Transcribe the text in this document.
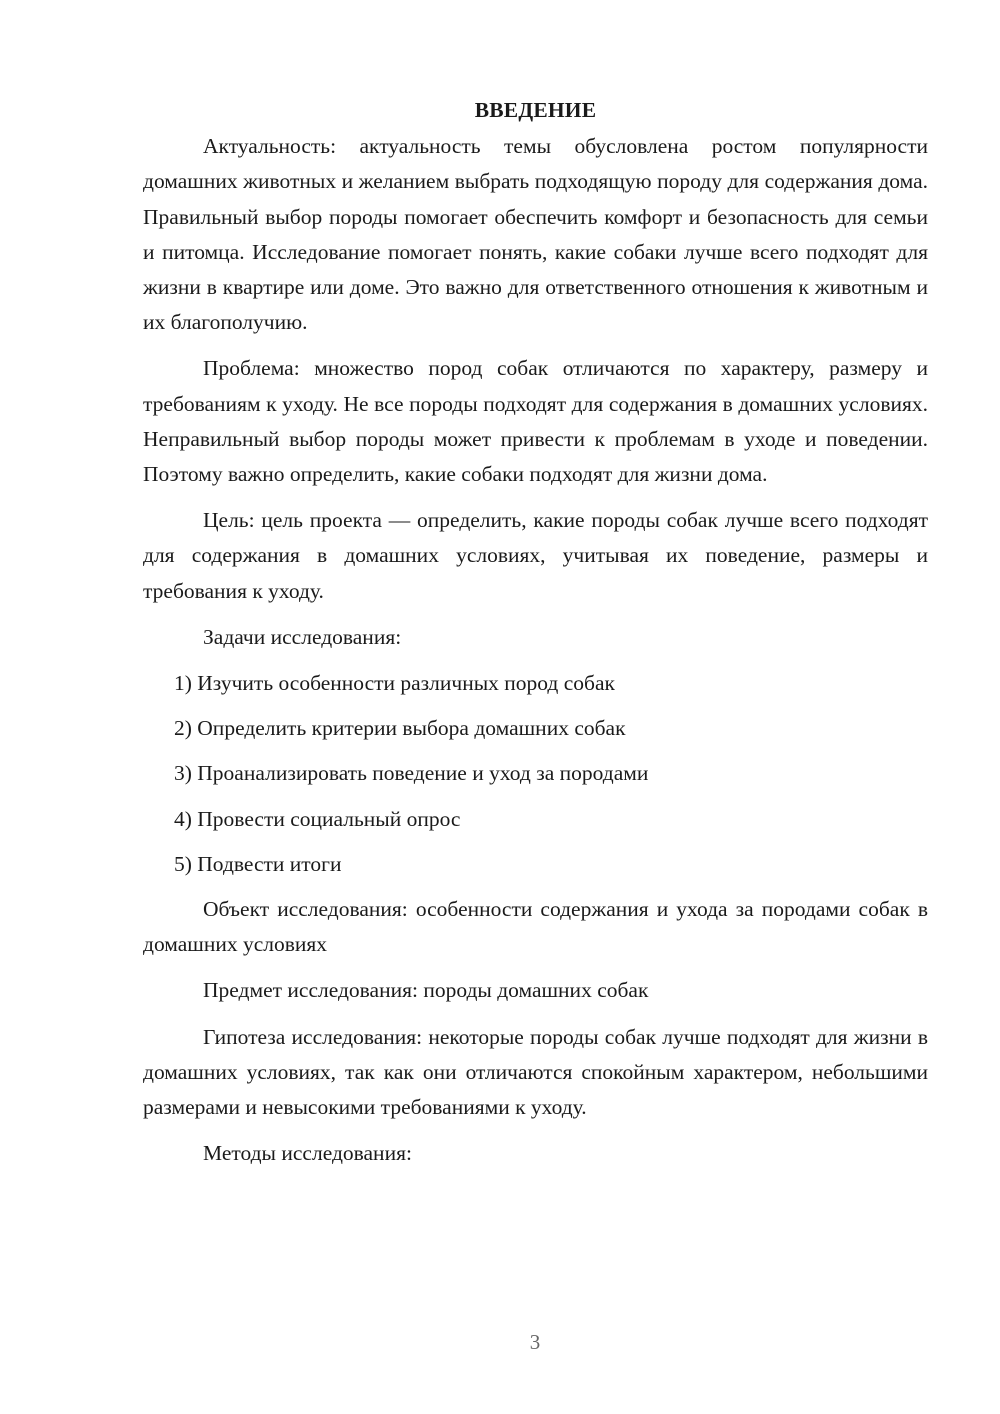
ВВЕДЕНИЕ

Актуальность: актуальность темы обусловлена ростом популярности домашних животных и желанием выбрать подходящую породу для содержания дома. Правильный выбор породы помогает обеспечить комфорт и безопасность для семьи и питомца. Исследование помогает понять, какие собаки лучше всего подходят для жизни в квартире или доме. Это важно для ответственного отношения к животным и их благополучию.

Проблема: множество пород собак отличаются по характеру, размеру и требованиям к уходу. Не все породы подходят для содержания в домашних условиях. Неправильный выбор породы может привести к проблемам в уходе и поведении. Поэтому важно определить, какие собаки подходят для жизни дома.

Цель: цель проекта — определить, какие породы собак лучше всего подходят для содержания в домашних условиях, учитывая их поведение, размеры и требования к уходу.

Задачи исследования:

1) Изучить особенности различных пород собак
2) Определить критерии выбора домашних собак
3) Проанализировать поведение и уход за породами
4) Провести социальный опрос
5) Подвести итоги

Объект исследования: особенности содержания и ухода за породами собак в домашних условиях

Предмет исследования: породы домашних собак

Гипотеза исследования: некоторые породы собак лучше подходят для жизни в домашних условиях, так как они отличаются спокойным характером, небольшими размерами и невысокими требованиями к уходу.

Методы исследования:

3
